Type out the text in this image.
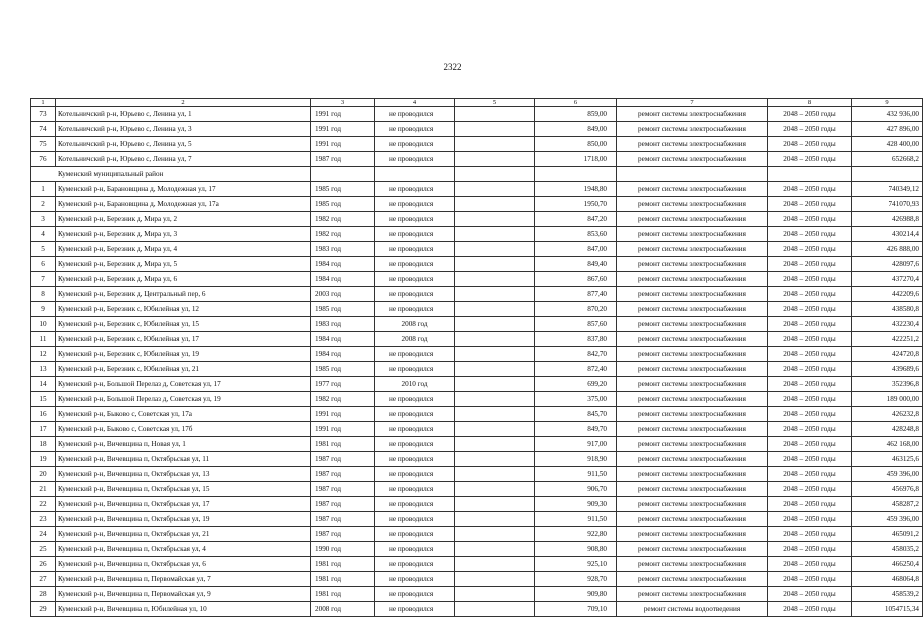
2322
1	2	3	4	5	6	7	8	9
73	Котельничский р-н, Юрьево с, Ленина ул, 1	1991 год	не проводился		859,00	ремонт системы электроснабжения	2048 – 2050 годы	432 936,00
74	Котельничский р-н, Юрьево с, Ленина ул, 3	1991 год	не проводился		849,00	ремонт системы электроснабжения	2048 – 2050 годы	427 896,00
75	Котельничский р-н, Юрьево с, Ленина ул, 5	1991 год	не проводился		850,00	ремонт системы электроснабжения	2048 – 2050 годы	428 400,00
76	Котельничский р-н, Юрьево с, Ленина ул, 7	1987 год	не проводился		1718,00	ремонт системы электроснабжения	2048 – 2050 годы	652668,2
Куменский муниципальный район								
1	Куменский р-н, Барановщина д, Молодежная ул, 17	1985 год	не проводился		1948,80	ремонт системы электроснабжения	2048 – 2050 годы	740349,12
2	Куменский р-н, Барановщина д, Молодежная ул, 17а	1985 год	не проводился		1950,70	ремонт системы электроснабжения	2048 – 2050 годы	741070,93
3	Куменский р-н, Березник д, Мира ул, 2	1982 год	не проводился		847,20	ремонт системы электроснабжения	2048 – 2050 годы	426988,8
4	Куменский р-н, Березник д, Мира ул, 3	1982 год	не проводился		853,60	ремонт системы электроснабжения	2048 – 2050 годы	430214,4
5	Куменский р-н, Березник д, Мира ул, 4	1983 год	не проводился		847,00	ремонт системы электроснабжения	2048 – 2050 годы	426 888,00
6	Куменский р-н, Березник д, Мира ул, 5	1984 год	не проводился		849,40	ремонт системы электроснабжения	2048 – 2050 годы	428097,6
7	Куменский р-н, Березник д, Мира ул, 6	1984 год	не проводился		867,60	ремонт системы электроснабжения	2048 – 2050 годы	437270,4
8	Куменский р-н, Березник д, Центральный пер, 6	2003 год	не проводился		877,40	ремонт системы электроснабжения	2048 – 2050 годы	442209,6
9	Куменский р-н, Березник с, Юбилейная ул, 12	1985 год	не проводился		870,20	ремонт системы электроснабжения	2048 – 2050 годы	438580,8
10	Куменский р-н, Березник с, Юбилейная ул, 15	1983 год	2008 год		857,60	ремонт системы электроснабжения	2048 – 2050 годы	432230,4
11	Куменский р-н, Березник с, Юбилейная ул, 17	1984 год	2008 год		837,80	ремонт системы электроснабжения	2048 – 2050 годы	422251,2
12	Куменский р-н, Березник с, Юбилейная ул, 19	1984 год	не проводился		842,70	ремонт системы электроснабжения	2048 – 2050 годы	424720,8
13	Куменский р-н, Березник с, Юбилейная ул, 21	1985 год	не проводился		872,40	ремонт системы электроснабжения	2048 – 2050 годы	439689,6
14	Куменский р-н, Большой Перелаз д, Советская ул, 17	1977 год	2010 год		699,20	ремонт системы электроснабжения	2048 – 2050 годы	352396,8
15	Куменский р-н, Большой Перелаз д, Советская ул, 19	1982 год	не проводился		375,00	ремонт системы электроснабжения	2048 – 2050 годы	189 000,00
16	Куменский р-н, Быково с, Советская ул, 17а	1991 год	не проводился		845,70	ремонт системы электроснабжения	2048 – 2050 годы	426232,8
17	Куменский р-н, Быково с, Советская ул, 17б	1991 год	не проводился		849,70	ремонт системы электроснабжения	2048 – 2050 годы	428248,8
18	Куменский р-н, Вичевщина п, Новая ул, 1	1981 год	не проводился		917,00	ремонт системы электроснабжения	2048 – 2050 годы	462 168,00
19	Куменский р-н, Вичевщина п, Октябрьская ул, 11	1987 год	не проводился		918,90	ремонт системы электроснабжения	2048 – 2050 годы	463125,6
20	Куменский р-н, Вичевщина п, Октябрьская ул, 13	1987 год	не проводился		911,50	ремонт системы электроснабжения	2048 – 2050 годы	459 396,00
21	Куменский р-н, Вичевщина п, Октябрьская ул, 15	1987 год	не проводился		906,70	ремонт системы электроснабжения	2048 – 2050 годы	456976,8
22	Куменский р-н, Вичевщина п, Октябрьская ул, 17	1987 год	не проводился		909,30	ремонт системы электроснабжения	2048 – 2050 годы	458287,2
23	Куменский р-н, Вичевщина п, Октябрьская ул, 19	1987 год	не проводился		911,50	ремонт системы электроснабжения	2048 – 2050 годы	459 396,00
24	Куменский р-н, Вичевщина п, Октябрьская ул, 21	1987 год	не проводился		922,80	ремонт системы электроснабжения	2048 – 2050 годы	465091,2
25	Куменский р-н, Вичевщина п, Октябрьская ул, 4	1990 год	не проводился		908,80	ремонт системы электроснабжения	2048 – 2050 годы	458035,2
26	Куменский р-н, Вичевщина п, Октябрьская ул, 6	1981 год	не проводился		925,10	ремонт системы электроснабжения	2048 – 2050 годы	466250,4
27	Куменский р-н, Вичевщина п, Первомайская ул, 7	1981 год	не проводился		928,70	ремонт системы электроснабжения	2048 – 2050 годы	468064,8
28	Куменский р-н, Вичевщина п, Первомайская ул, 9	1981 год	не проводился		909,80	ремонт системы электроснабжения	2048 – 2050 годы	458539,2
29	Куменский р-н, Вичевщина п, Юбилейная ул, 10	2008 год	не проводился		709,10	ремонт системы водоотведения	2048 – 2050 годы	1054715,34
